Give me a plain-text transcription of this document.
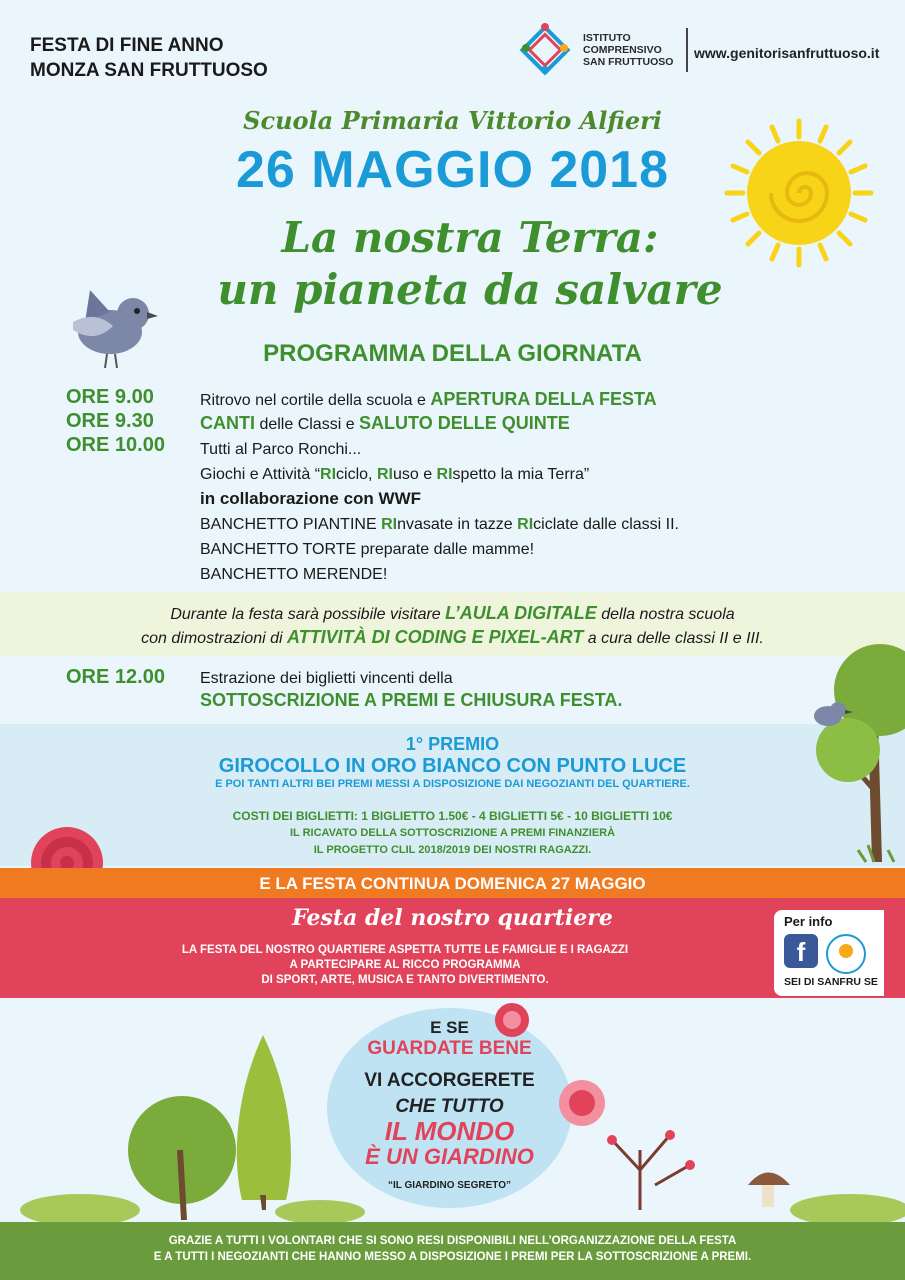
FESTA DI FINE ANNO
MONZA SAN FRUTTUOSO
ISTITUTO
COMPRENSIVO
SAN FRUTTUOSO
www.genitorisanfruttuoso.it
Scuola Primaria Vittorio Alfieri
26 MAGGIO 2018
La nostra Terra:
un pianeta da salvare
PROGRAMMA DELLA GIORNATA
ORE 9.00
ORE 9.30
ORE 10.00
Ritrovo nel cortile della scuola e APERTURA DELLA FESTA
CANTI delle Classi e SALUTO DELLE QUINTE
Tutti al Parco Ronchi...
Giochi e Attività “RIciclo, RIuso e RIspetto la mia Terra”
in collaborazione con WWF
BANCHETTO PIANTINE RInvasate in tazze RIciclate dalle classi II.
BANCHETTO TORTE preparate dalle mamme!
BANCHETTO MERENDE!
Durante la festa sarà possibile visitare L’AULA DIGITALE della nostra scuola
con dimostrazioni di ATTIVITÀ DI CODING E PIXEL-ART a cura delle classi II e III.
ORE 12.00 Estrazione dei biglietti vincenti della
SOTTOSCRIZIONE A PREMI E CHIUSURA FESTA.
1° PREMIO
GIROCOLLO IN ORO BIANCO CON PUNTO LUCE
E POI TANTI ALTRI BEI PREMI MESSI A DISPOSIZIONE DAI NEGOZIANTI DEL QUARTIERE.
COSTI DEI BIGLIETTI: 1 BIGLIETTO 1.50€ - 4 BIGLIETTI 5€ - 10 BIGLIETTI 10€
IL RICAVATO DELLA SOTTOSCRIZIONE A PREMI FINANZIERÀ
IL PROGETTO CLIL 2018/2019 DEI NOSTRI RAGAZZI.
E LA FESTA CONTINUA DOMENICA 27 MAGGIO
Festa del nostro quartiere
LA FESTA DEL NOSTRO QUARTIERE ASPETTA TUTTE LE FAMIGLIE E I RAGAZZI
A PARTECIPARE AL RICCO PROGRAMMA
DI SPORT, ARTE, MUSICA E TANTO DIVERTIMENTO.
Per info
f
SEI DI SANFRU SE
E SE
GUARDATE BENE
VI ACCORGERETE
CHE TUTTO
IL MONDO
È UN GIARDINO
“IL GIARDINO SEGRETO”
GRAZIE A TUTTI I VOLONTARI CHE SI SONO RESI DISPONIBILI NELL’ORGANIZZAZIONE DELLA FESTA
E A TUTTI I NEGOZIANTI CHE HANNO MESSO A DISPOSIZIONE I PREMI PER LA SOTTOSCRIZIONE A PREMI.
